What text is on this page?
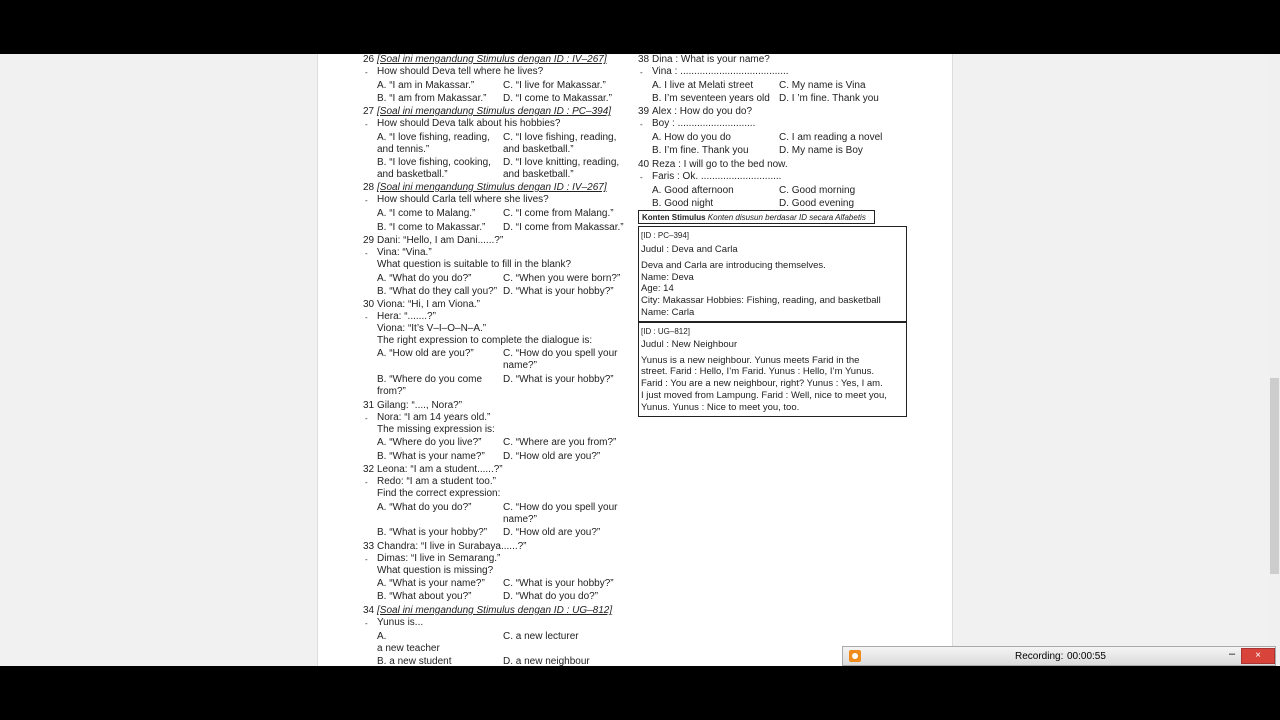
26 [Soal ini mengandung Stimulus dengan ID : IV–267]
- How should Deva tell where he lives?
A. “I am in Makassar.”	C. “I live for Makassar.”
B. “I am from Makassar.” D. “I come to Makassar.”
27 [Soal ini mengandung Stimulus dengan ID : PC–394]
- How should Deva talk about his hobbies?
A. “I love fishing, reading,
and tennis.”
C. “I love fishing, reading,
and basketball.”
B. “I love fishing, cooking,
and basketball.”
D. “I love knitting, reading,
and basketball.”
28 [Soal ini mengandung Stimulus dengan ID : IV–267]
- How should Carla tell where she lives?
A. “I come to Malang.”	C. “I come from Malang.”
B. “I come to Makassar.” D. “I come from Makassar.”
29 Dani: “Hello, I am Dani......?”
- Vina: “Vina.”
What question is suitable to fill in the blank?
A. “What do you do?”	C. “When you were born?”
B. “What do they call you?” D. “What is your hobby?”
30 Viona: “Hi, I am Viona.”
- Hera: “.......?”
Viona: “It’s V–I–O–N–A.”
The right expression to complete the dialogue is:
A. “How old are you?”	C. “How do you spell your
name?”
B. “Where do you come
from?”
D. “What is your hobby?”
31 Gilang: “...., Nora?”
- Nora: “I am 14 years old.”
The missing expression is:
A. “Where do you live?” C. “Where are you from?”
B. “What is your name?” D. “How old are you?”
32 Leona: “I am a student......?”
- Redo: “I am a student too.”
Find the correct expression:
A. “What do you do?”	C. “How do you spell your
name?”
B. “What is your hobby?” D. “How old are you?”
33 Chandra: “I live in Surabaya......?”
- Dimas: “I live in Semarang.”
What question is missing?
A. “What is your name?” C. “What is your hobby?”
B. “What about you?”	D. “What do you do?”
34 [Soal ini mengandung Stimulus dengan ID : UG–812]
- Yunus is...
A.
a new teacher
C. a new lecturer
B. a new student	D. a new neighbour
38 Dina : What is your name?
- Vina : .......................................
A. I live at Melati street	C. My name is Vina
B. I’m seventeen years old D. I ’m fine. Thank you
39 Alex : How do you do?
- Boy : ............................
A. How do you do	C. I am reading a novel
B. I’m fine. Thank you	D. My name is Boy
40 Reza : I will go to the bed now.
- Faris : Ok. .............................
A. Good afternoon	C. Good morning
B. Good night	D. Good evening
Konten Stimulus Konten disusun berdasar ID secara Alfabetis
[ID : PC–394]
Judul : Deva and Carla
Deva and Carla are introducing themselves.
Name: Deva
Age: 14
City: Makassar Hobbies: Fishing, reading, and basketball
Name: Carla
[ID : UG–812]
Judul : New Neighbour
Yunus is a new neighbour. Yunus meets Farid in the
street. Farid : Hello, I’m Farid. Yunus : Hello, I’m Yunus.
Farid : You are a new neighbour, right? Yunus : Yes, I am.
I just moved from Lampung. Farid : Well, nice to meet you,
Yunus. Yunus : Nice to meet you, too.
Recording: 00:00:55	–	×
